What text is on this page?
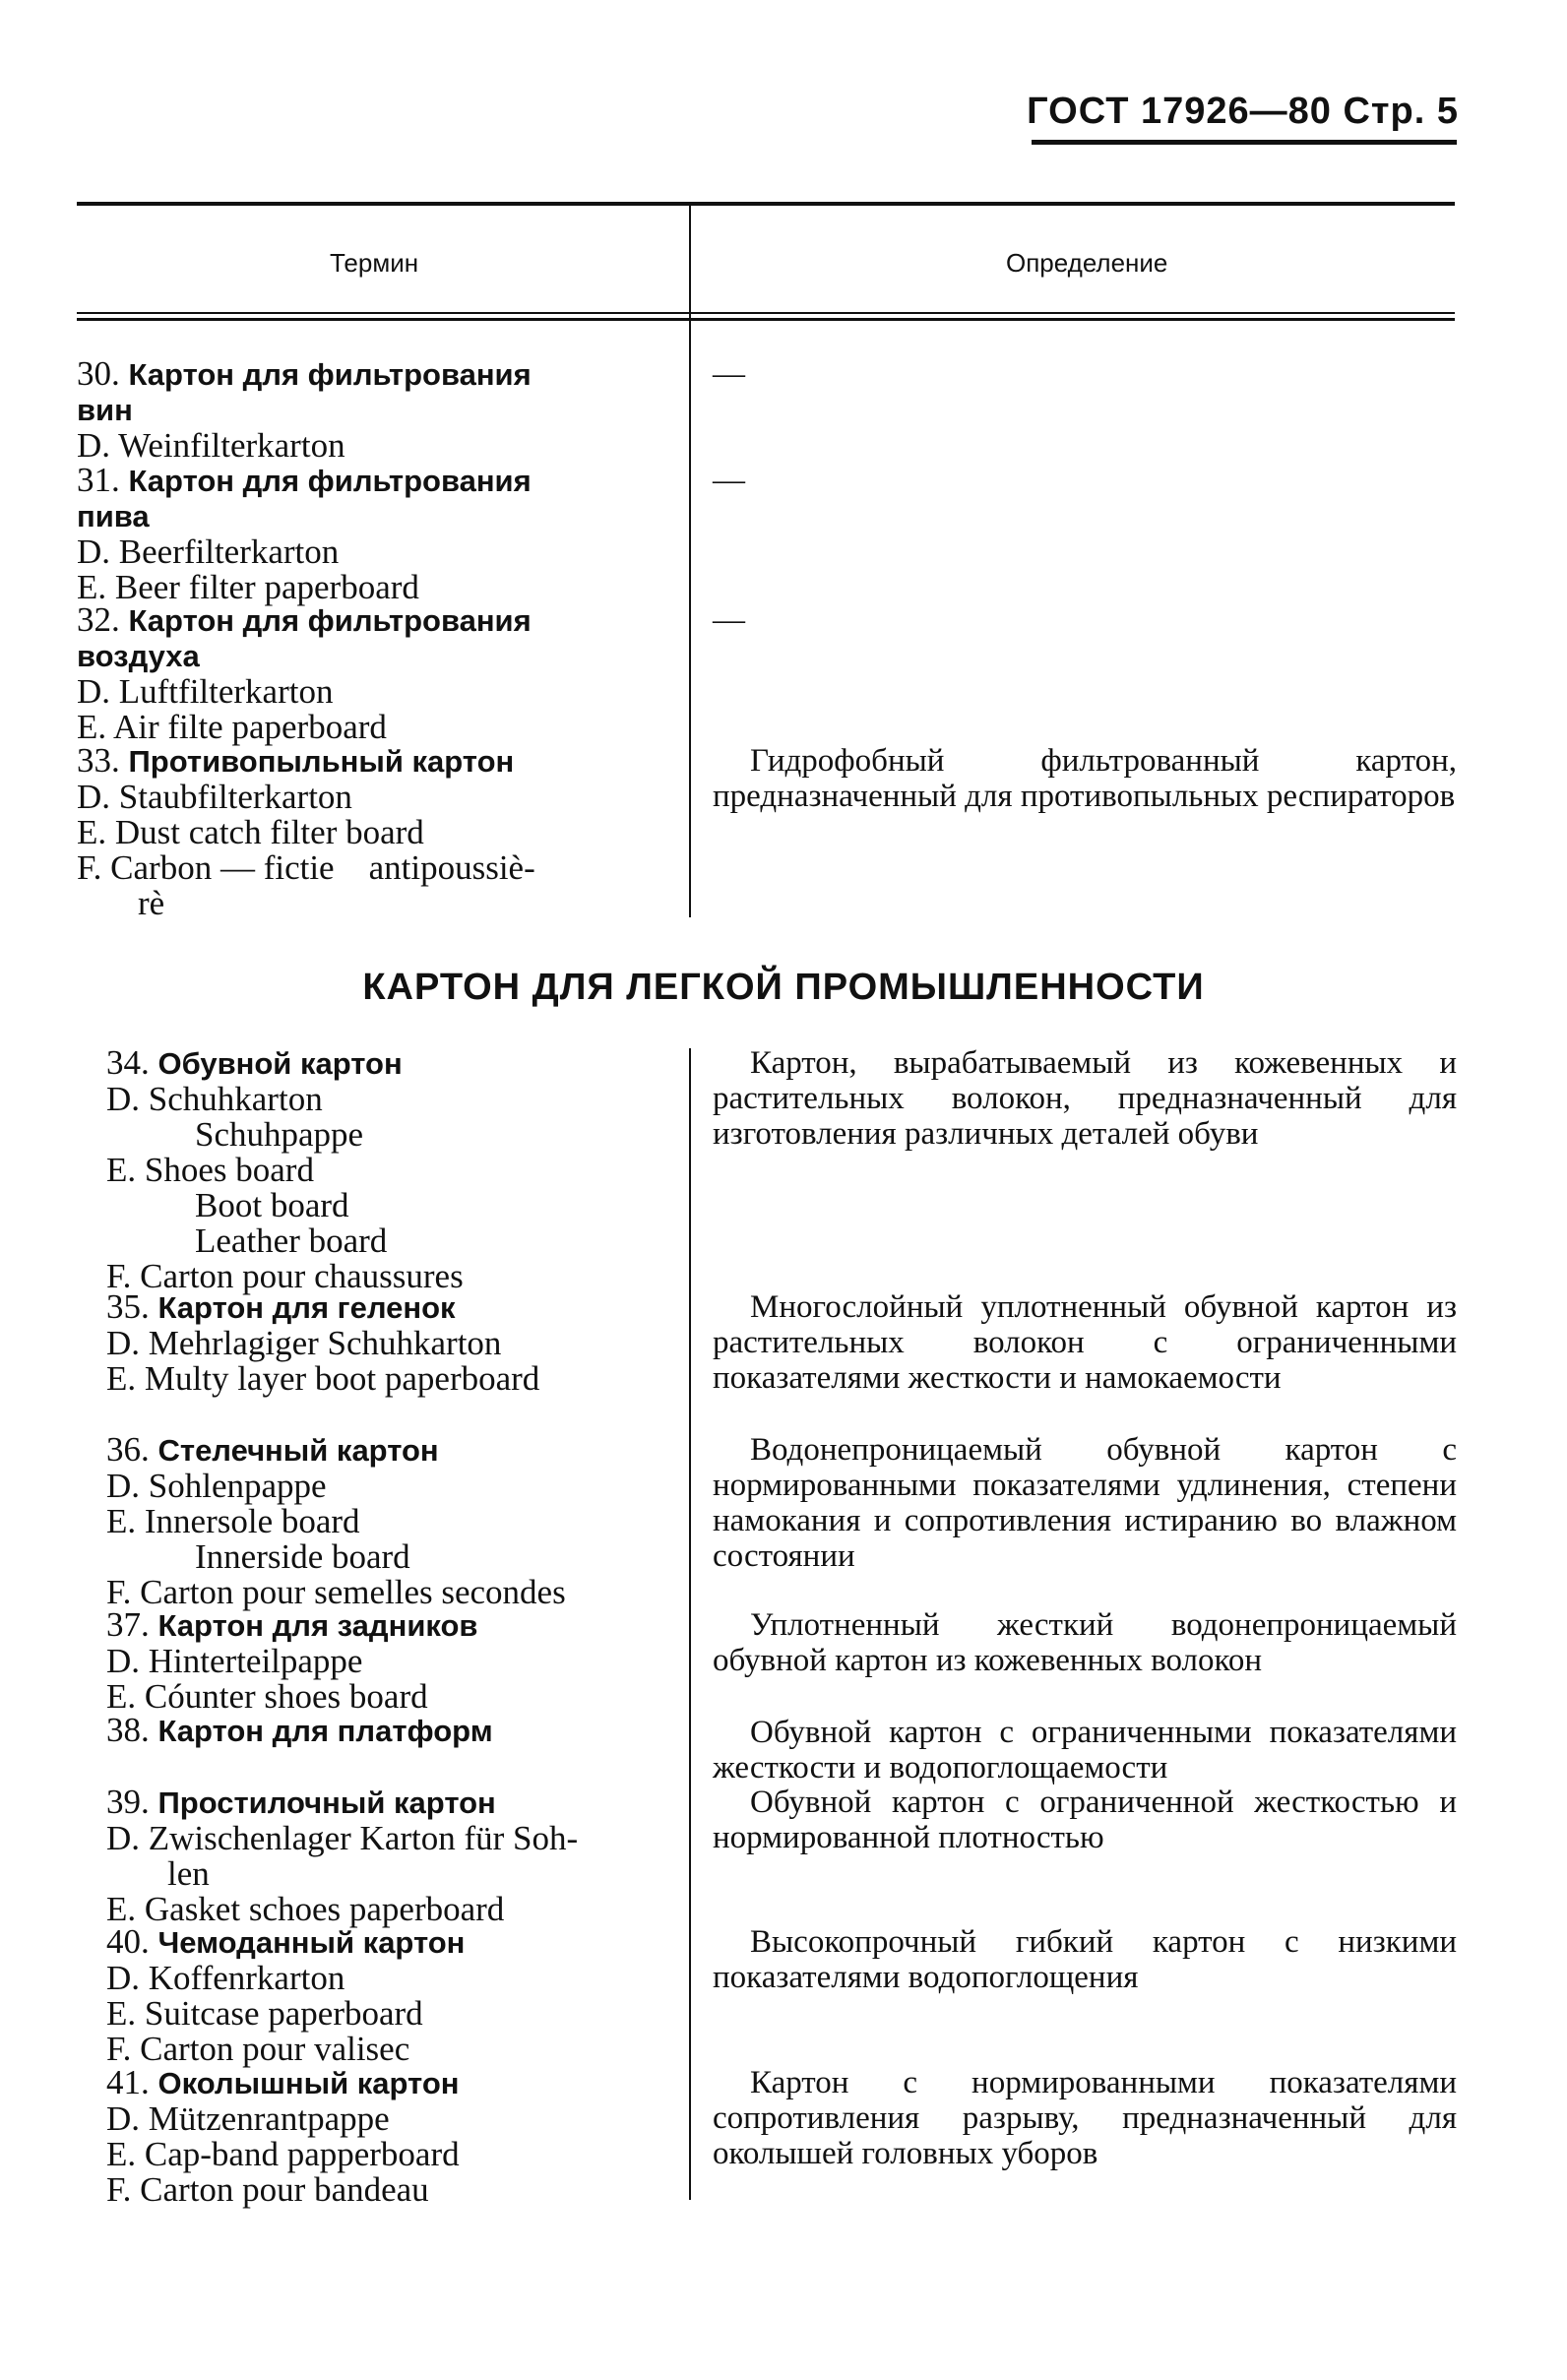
ГОСТ 17926—80 Стр. 5
Термин	Определение
КАРТОН ДЛЯ ЛЕГКОЙ ПРОМЫШЛЕННОСТИ
30. Картон для фильтрования
вин
D. Weinfilterkarton
—
31. Картон для фильтрования
пива
D. Beerfilterkarton
E. Beer filter paperboard
—
32. Картон для фильтрования
воздуха
D. Luftfilterkarton
E. Air filte paperboard
—
33. Противопыльный картон
D. Staubfilterkarton
E. Dust catch filter board
F. Carbon — fictie    antipoussiè-
rè
Гидрофобный фильтрованный картон, предназначенный для противопыльных респираторов
34. Обувной картон
D. Schuhkarton
Schuhpappe
E. Shoes board
Boot board
Leather board
F. Carton pour chaussures
Картон, вырабатываемый из кожевенных и растительных волокон, предназначенный для изготовления различных деталей обуви
35. Картон для геленок
D. Mehrlagiger Schuhkarton
E. Multy layer boot paperboard
Многослойный уплотненный обувной картон из растительных волокон с ограниченными показателями жесткости и намокаемости
36. Стелечный картон
D. Sohlenpappe
E. Innersole board
Innerside board
F. Carton pour semelles secondes
Водонепроницаемый обувной картон с нормированными показателями удлинения, степени намокания и сопротивления истиранию во влажном состоянии
37. Картон для задников
D. Hinterteilpappe
E. Cóunter shoes board
Уплотненный жесткий водонепроницаемый обувной картон из кожевенных волокон
38. Картон для платформ	Обувной картон с ограниченными показателями жесткости и водопоглощаемости
39. Простилочный картон
D. Zwischenlager Karton für Soh-
len
E. Gasket schoes paperboard
Обувной картон с ограниченной жесткостью и нормированной плотностью
40. Чемоданный картон
D. Koffenrkarton
E. Suitcase paperboard
F. Carton pour valisec
Высокопрочный гибкий картон с низкими показателями водопоглощения
41. Околышный картон
D. Mützenrantpappe
E. Cap-band papperboard
F. Carton pour bandeau
Картон с нормированными показателями сопротивления разрыву, предназначенный для околышей головных уборов
